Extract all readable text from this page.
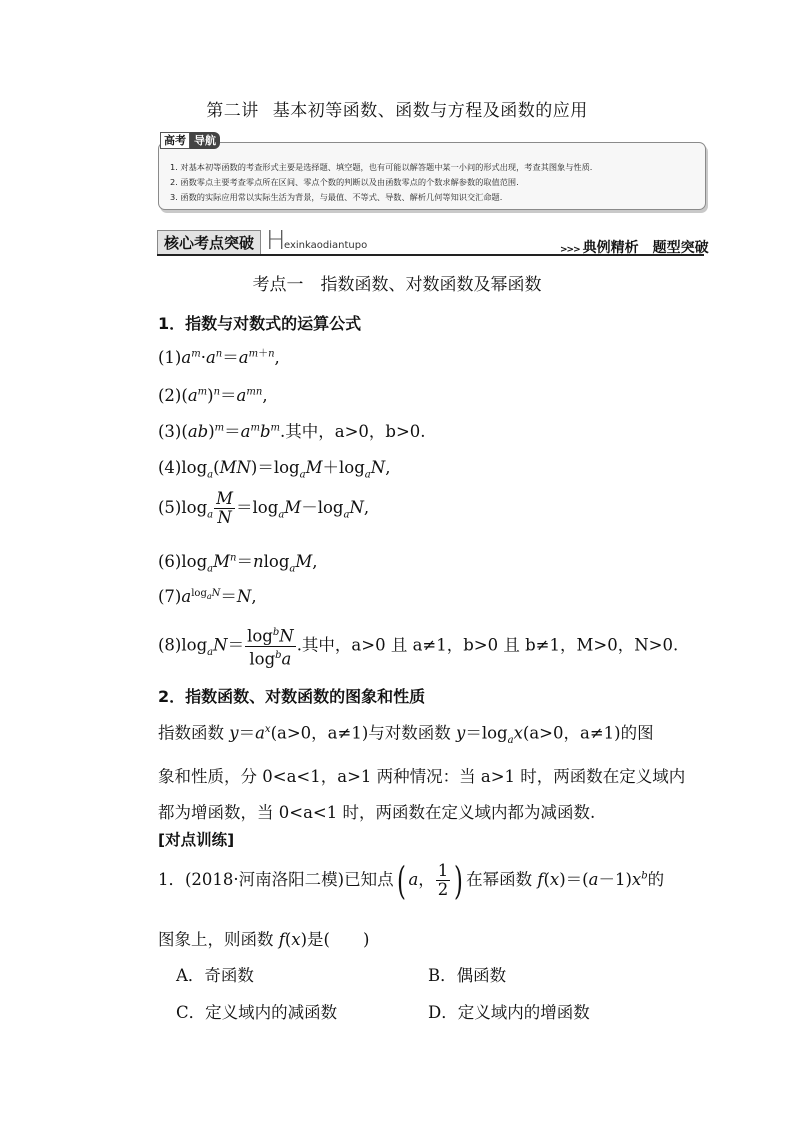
第二讲 基本初等函数、函数与方程及函数的应用
高考 导航
1. 对基本初等函数的考查形式主要是选择题、填空题，也有可能以解答题中某一小问的形式出现，考查其图象与性质.
2. 函数零点主要考查零点所在区间、零点个数的判断以及由函数零点的个数求解参数的取值范围.
3. 函数的实际应用常以实际生活为背景，与最值、不等式、导数、解析几何等知识交汇命题.
核心考点突破 H
exinkaodiantupo	>>> 典例精析　题型突破
考点一　指数函数、对数函数及幂函数
1．指数与对数式的运算公式
$(1)a^m\cdot a^n=a^{m+n}$,
$(2)(a^m)^n=a^{mn}$,
$(3)(ab)^m=a^mb^m$.其中，a>0，b>0.
$(4)\log_a(MN)=\log_aM+\log_aN$,
$(5)\log_a \frac{M}{N} =\log_aM-\log_aN$,
$(6)\log_aM^n=nlog_aM$,
$(7)a^{log_aN}=N$,
$(8)\log_aN= \frac{\log^bN}{\log^ba}$ .其中，a>0 且 a≠1，b>0 且 b≠1，M>0，N>0.
2．指数函数、对数函数的图象和性质
指数函数 $y=a^x(a>0$，a≠1)与对数函数 $y=\log_ax(a>0$，a≠1)的图
象和性质，分 0<a<1，a>1 两种情况：当 a>1 时，两函数在定义域内
都为增函数，当 0<a<1 时，两函数在定义域内都为减函数.
[对点训练]
1．(2018·河南洛阳二模)已知点( a， $\frac{1}{2}$ ) 在幂函数 $f(x)=(a-1)x^b$的
图象上，则函数 f(x)是(　　)
A．奇函数	B．偶函数
C．定义域内的减函数	D．定义域内的增函数
